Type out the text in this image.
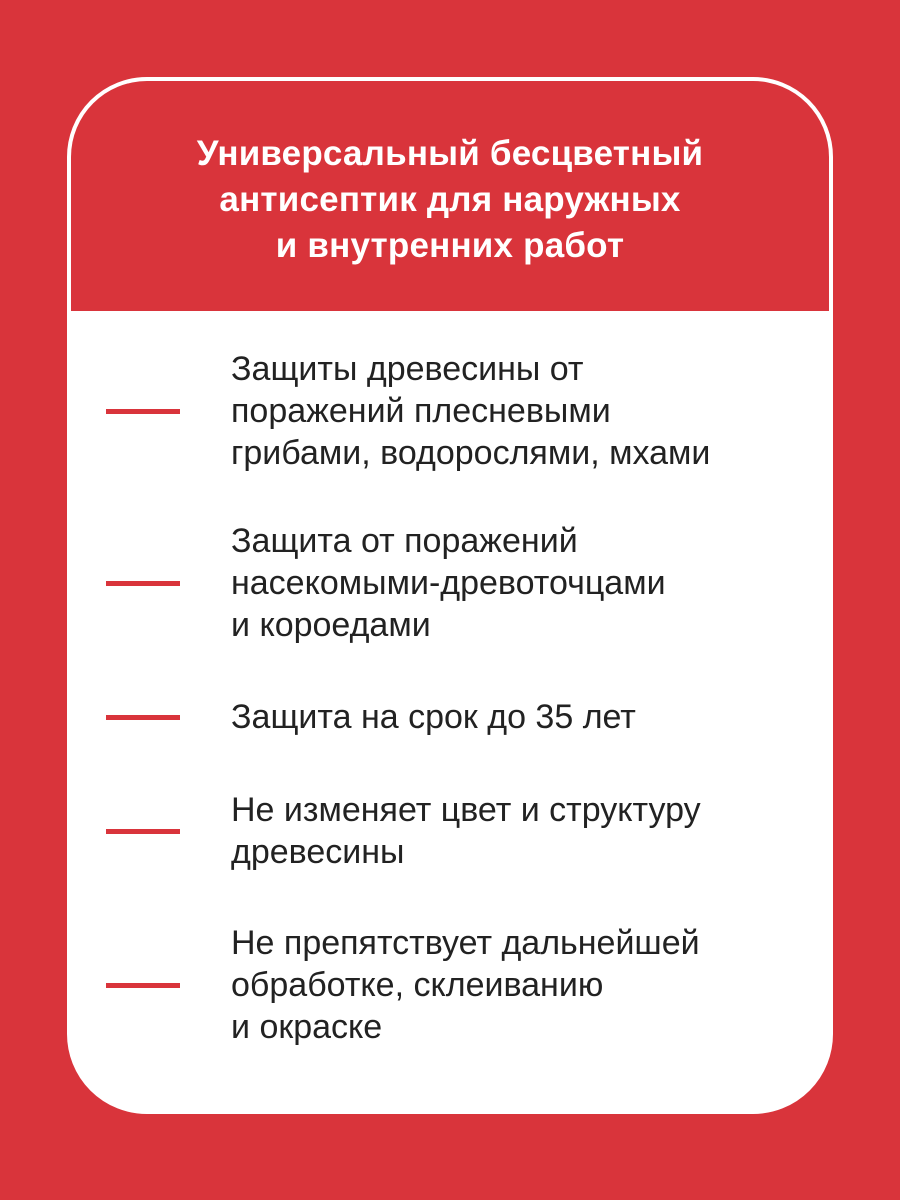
Универсальный бесцветный
антисептик для наружных
и внутренних работ
Защиты древесины от
поражений плесневыми
грибами, водорослями, мхами
Защита от поражений
насекомыми-древоточцами
и короедами
Защита на срок до 35 лет
Не изменяет цвет и структуру
древесины
Не препятствует дальнейшей
обработке, склеиванию
и окраске
